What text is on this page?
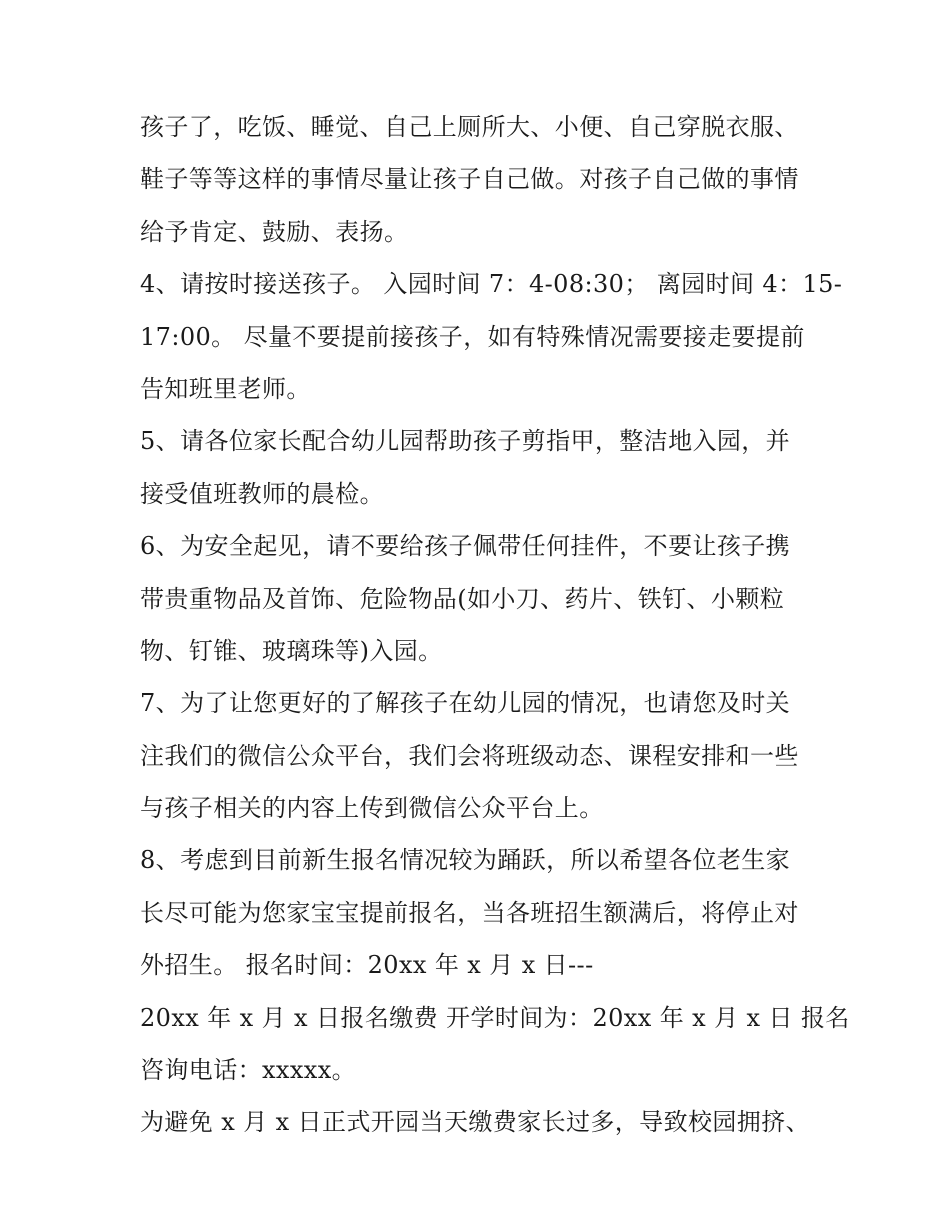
孩子了，吃饭、睡觉、自己上厕所大、小便、自己穿脱衣服、
鞋子等等这样的事情尽量让孩子自己做。对孩子自己做的事情
给予肯定、鼓励、表扬。
4、请按时接送孩子。 入园时间 7：4-08:30； 离园时间 4：15-
17:00。 尽量不要提前接孩子，如有特殊情况需要接走要提前
告知班里老师。
5、请各位家长配合幼儿园帮助孩子剪指甲，整洁地入园，并
接受值班教师的晨检。
6、为安全起见，请不要给孩子佩带任何挂件，不要让孩子携
带贵重物品及首饰、危险物品(如小刀、药片、铁钉、小颗粒
物、钉锥、玻璃珠等)入园。
7、为了让您更好的了解孩子在幼儿园的情况，也请您及时关
注我们的微信公众平台，我们会将班级动态、课程安排和一些
与孩子相关的内容上传到微信公众平台上。
8、考虑到目前新生报名情况较为踊跃，所以希望各位老生家
长尽可能为您家宝宝提前报名，当各班招生额满后，将停止对
外招生。 报名时间：20xx 年 x 月 x 日---
20xx 年 x 月 x 日报名缴费 开学时间为：20xx 年 x 月 x 日 报名
咨询电话：xxxxx。
为避免 x 月 x 日正式开园当天缴费家长过多，导致校园拥挤、
